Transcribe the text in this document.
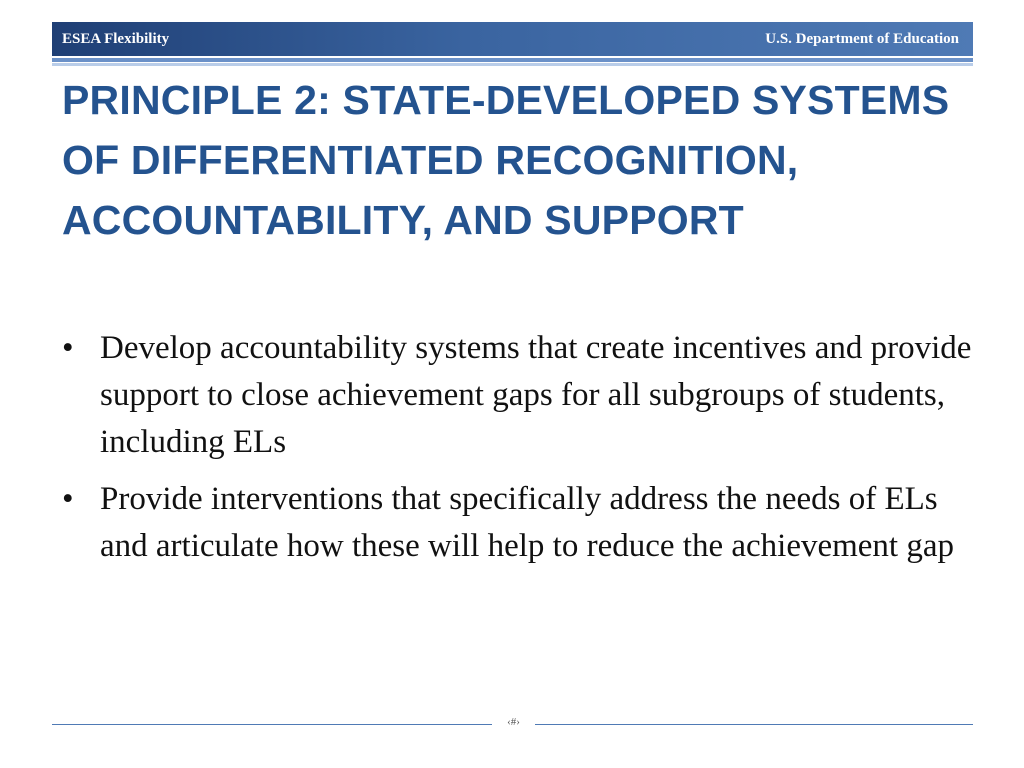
ESEA Flexibility	U.S. Department of Education
PRINCIPLE 2: STATE-DEVELOPED SYSTEMS OF DIFFERENTIATED RECOGNITION, ACCOUNTABILITY, AND SUPPORT
• Develop accountability systems that create incentives and provide support to close achievement gaps for all subgroups of students, including ELs
• Provide interventions that specifically address the needs of ELs and articulate how these will help to reduce the achievement gap
‹#›
